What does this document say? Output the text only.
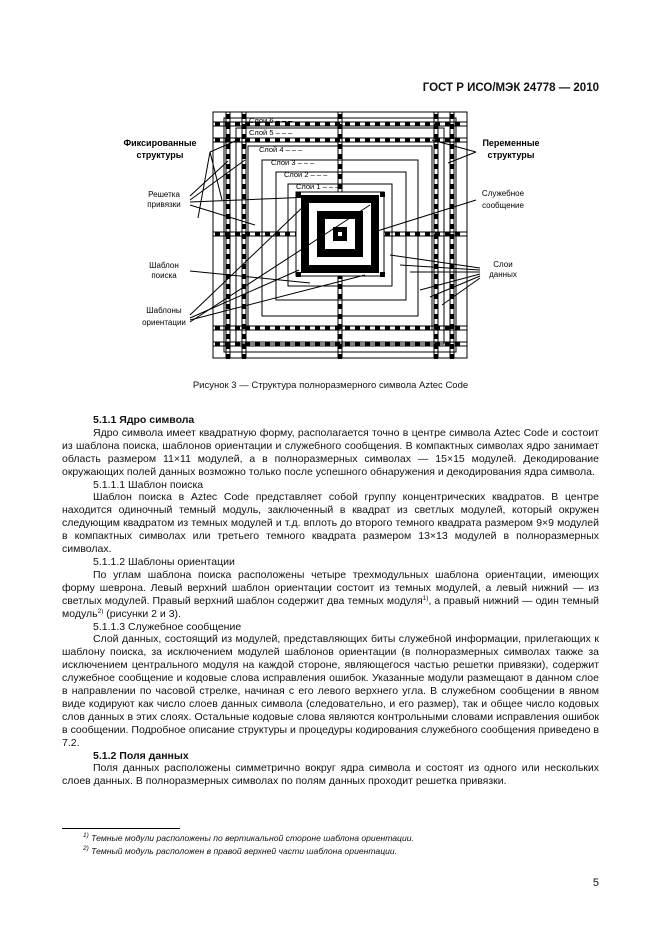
ГОСТ Р ИСО/МЭК 24778 — 2010
Фиксированные
структуры
Переменные
структуры
Решетка
привязки
Шаблон
поиска
Шаблоны
ориентации
Служебное
сообщение
Слои
данных
Слой 6 – – –
Слой 5 – – –
Слой 4 – – –
Слой 3 – – –
Слой 2 – – –
Слой 1 – – –
Рисунок 3 — Структура полноразмерного символа Aztec Code

5.1.1 Ядро символа

Ядро символа имеет квадратную форму, располагается точно в центре символа Aztec Code и состоит из шаблона поиска, шаблонов ориентации и служебного сообщения. В компактных символах ядро занимает область размером 11×11 модулей, а в полноразмерных символах — 15×15 модулей. Декодирование окружающих полей данных возможно только после успешного обнаружения и декодирования ядра символа.

5.1.1.1 Шаблон поиска

Шаблон поиска в Aztec Code представляет собой группу концентрических квадратов. В центре находится одиночный темный модуль, заключенный в квадрат из светлых модулей, который окружен следующим квадратом из темных модулей и т.д. вплоть до второго темного квадрата размером 9×9 модулей в компактных символах или третьего темного квадрата размером 13×13 модулей в полноразмерных символах.

5.1.1.2 Шаблоны ориентации

По углам шаблона поиска расположены четыре трехмодульных шаблона ориентации, имеющих форму шеврона. Левый верхний шаблон ориентации состоит из темных модулей, а левый нижний — из светлых модулей. Правый верхний шаблон содержит два темных модуля$^{1)}$, а правый нижний — один темный модуль$^{2)}$ (рисунки 2 и 3).

5.1.1.3 Служебное сообщение

Слой данных, состоящий из модулей, представляющих биты служебной информации, прилегающих к шаблону поиска, за исключением модулей шаблонов ориентации (в полноразмерных символах также за исключением центрального модуля на каждой стороне, являющегося частью решетки привязки), содержит служебное сообщение и кодовые слова исправления ошибок. Указанные модули размещают в данном слое в направлении по часовой стрелке, начиная с его левого верхнего угла. В служебном сообщении в явном виде кодируют как число слоев данных символа (следовательно, и его размер), так и общее число кодовых слов данных в этих слоях. Остальные кодовые слова являются контрольными словами исправления ошибок в сообщении. Подробное описание структуры и процедуры кодирования служебного сообщения приведено в 7.2.

5.1.2 Поля данных

Поля данных расположены симметрично вокруг ядра символа и состоят из одного или нескольких слоев данных. В полноразмерных символах по полям данных проходит решетка привязки.

$^{1)}$ Темные модули расположены по вертикальной стороне шаблона ориентации.

$^{2)}$ Темный модуль расположен в правой верхней части шаблона ориентации.

5
